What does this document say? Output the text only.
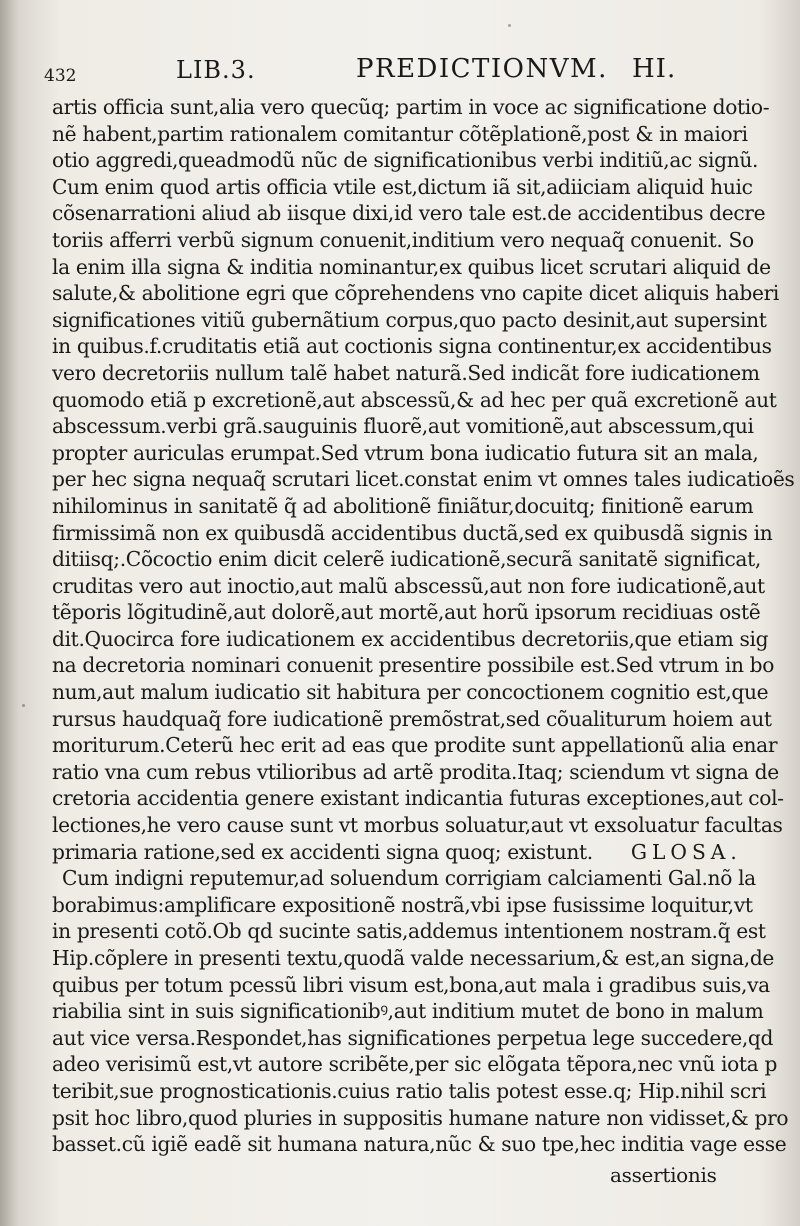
432	LIB.3.	PREDICTIONVM. HI.
artis officia sunt,alia vero quecũq; partim in voce ac significatione dotio-
nẽ habent,partim rationalem comitantur cõtẽplationẽ,post & in maiori
otio aggredi,queadmodũ nũc de significationibus verbi inditiũ,ac signũ.
Cum enim quod artis officia vtile est,dictum iã sit,adiiciam aliquid huic
cõsenarrationi aliud ab iisque dixi,id vero tale est.de accidentibus decre
toriis afferri verbũ signum conuenit,inditium vero nequaq̃ conuenit. So
la enim illa signa & inditia nominantur,ex quibus licet scrutari aliquid de
salute,& abolitione egri que cõprehendens vno capite dicet aliquis haberi
significationes vitiũ gubernãtium corpus,quo pacto desinit,aut supersint
in quibus.f.cruditatis etiã aut coctionis signa continentur,ex accidentibus
vero decretoriis nullum talẽ habet naturã.Sed indicãt fore iudicationem
quomodo etiã p excretionẽ,aut abscessũ,& ad hec per quã excretionẽ aut
abscessum.verbi grã.sauguinis fluorẽ,aut vomitionẽ,aut abscessum,qui
propter auriculas erumpat.Sed vtrum bona iudicatio futura sit an mala,
per hec signa nequaq̃ scrutari licet.constat enim vt omnes tales iudicatioẽs
nihilominus in sanitatẽ q̃ ad abolitionẽ finiãtur,docuitq; finitionẽ earum
firmissimã non ex quibusdã accidentibus ductã,sed ex quibusdã signis in
ditiisq;.Cõcoctio enim dicit celerẽ iudicationẽ,securã sanitatẽ significat,
cruditas vero aut inoctio,aut malũ abscessũ,aut non fore iudicationẽ,aut
tẽporis lõgitudinẽ,aut dolorẽ,aut mortẽ,aut horũ ipsorum recidiuas ostẽ
dit.Quocirca fore iudicationem ex accidentibus decretoriis,que etiam sig
na decretoria nominari conuenit presentire possibile est.Sed vtrum in bo
num,aut malum iudicatio sit habitura per concoctionem cognitio est,que
rursus haudquaq̃ fore iudicationẽ premõstrat,sed cõualiturum hoiem aut
moriturum.Ceterũ hec erit ad eas que prodite sunt appellationũ alia enar
ratio vna cum rebus vtilioribus ad artẽ prodita.Itaq; sciendum vt signa de
cretoria accidentia genere existant indicantia futuras exceptiones,aut col-
lectiones,he vero cause sunt vt morbus soluatur,aut vt exsoluatur facultas
primaria ratione,sed ex accidenti signa quoq; existunt. GLOSA.
Cum indigni reputemur,ad soluendum corrigiam calciamenti Gal.nõ la
borabimus:amplificare expositionẽ nostrã,vbi ipse fusissime loquitur,vt
in presenti cotõ.Ob qd sucinte satis,addemus intentionem nostram.q̃ est
Hip.cõplere in presenti textu,quodã valde necessarium,& est,an signa,de
quibus per totum pcessũ libri visum est,bona,aut mala i gradibus suis,va
riabilia sint in suis significationibꝰ,aut inditium mutet de bono in malum
aut vice versa.Respondet,has significationes perpetua lege succedere,qd
adeo verisimũ est,vt autore scribẽte,per sic elõgata tẽpora,nec vnũ iota p
teribit,sue prognosticationis.cuius ratio talis potest esse.q; Hip.nihil scri
psit hoc libro,quod pluries in suppositis humane nature non vidisset,& pro
basset.cũ igiẽ eadẽ sit humana natura,nũc & suo tpe,hec inditia vage esse
assertionis
